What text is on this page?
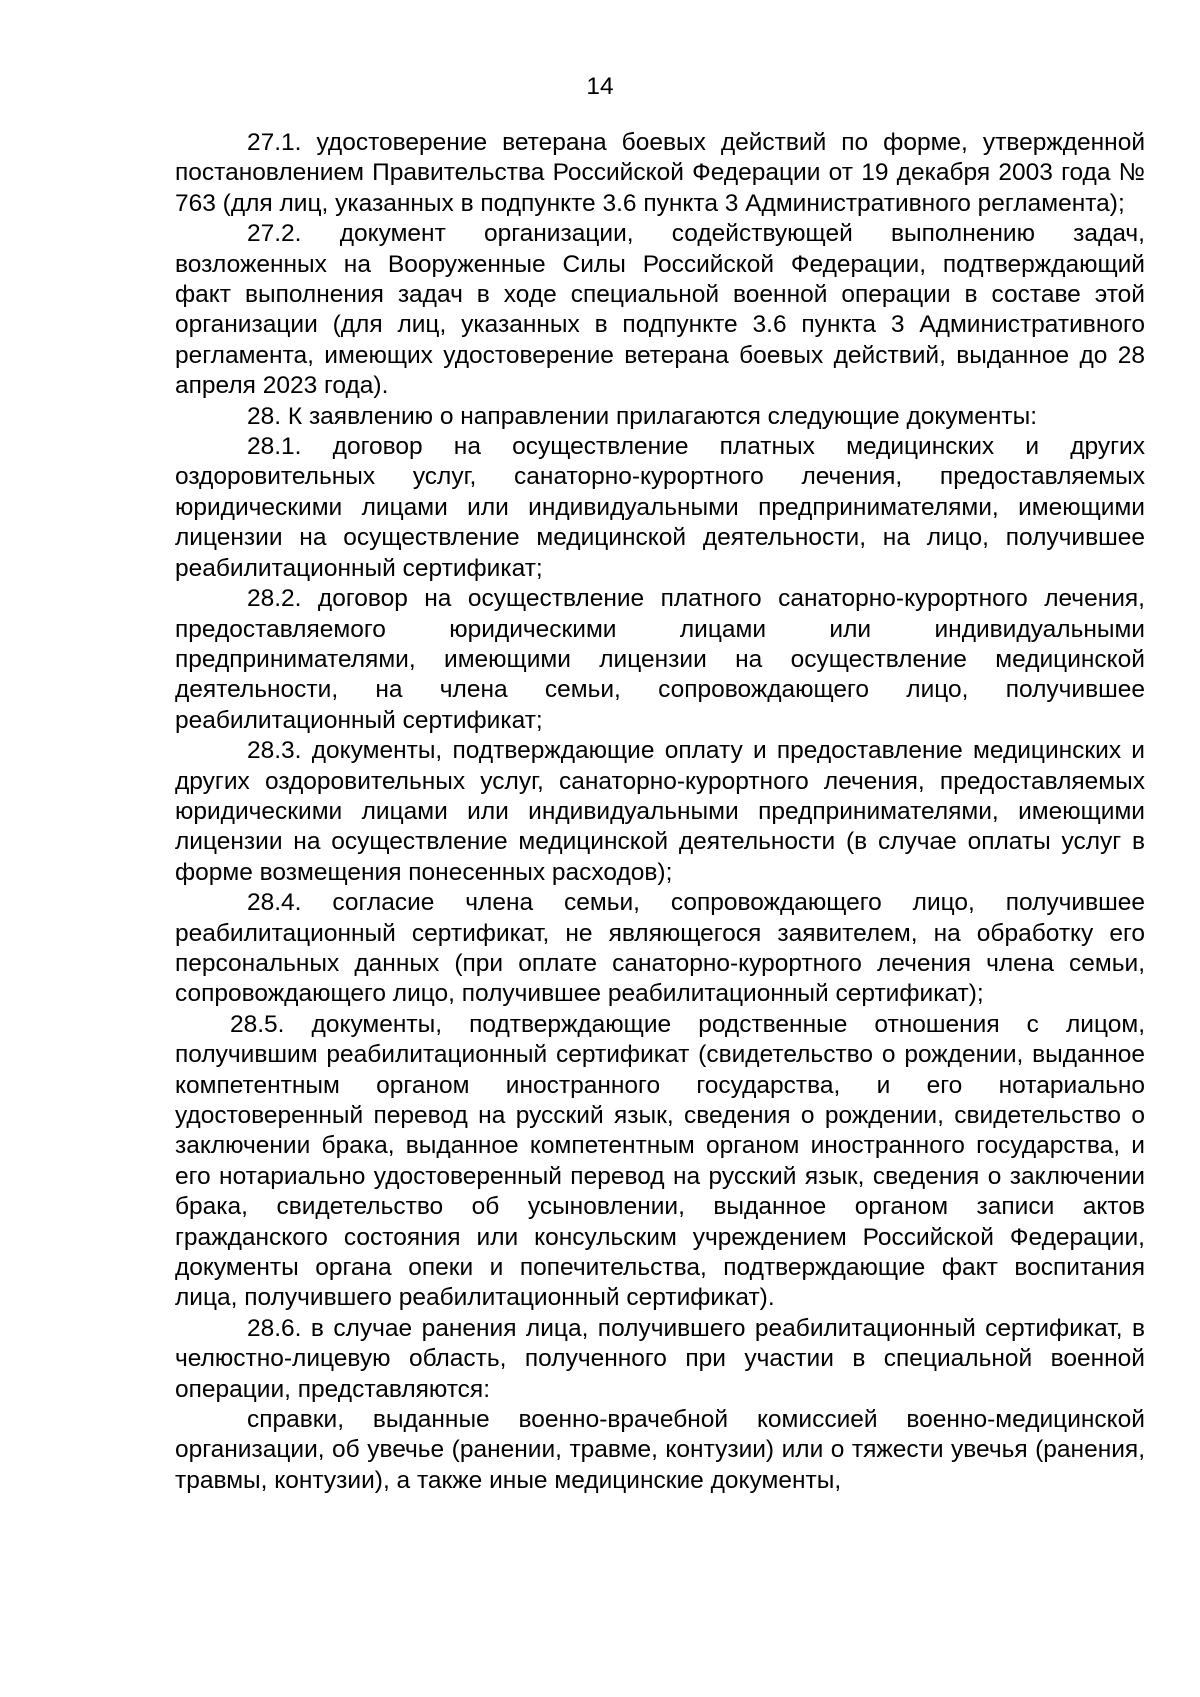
14

27.1. удостоверение ветерана боевых действий по форме, утвержденной постановлением Правительства Российской Федерации от 19 декабря 2003 года № 763 (для лиц, указанных в подпункте 3.6 пункта 3 Административного регламента);

27.2. документ организации, содействующей выполнению задач, возложенных на Вооруженные Силы Российской Федерации, подтверждающий факт выполнения задач в ходе специальной военной операции в составе этой организации (для лиц, указанных в подпункте 3.6 пункта 3 Административного регламента, имеющих удостоверение ветерана боевых действий, выданное до 28 апреля 2023 года).

28. К заявлению о направлении прилагаются следующие документы:

28.1. договор на осуществление платных медицинских и других оздоровительных услуг, санаторно-курортного лечения, предоставляемых юридическими лицами или индивидуальными предпринимателями, имеющими лицензии на осуществление медицинской деятельности, на лицо, получившее реабилитационный сертификат;

28.2. договор на осуществление платного санаторно-курортного лечения, предоставляемого юридическими лицами или индивидуальными предпринимателями, имеющими лицензии на осуществление медицинской деятельности, на члена семьи, сопровождающего лицо, получившее реабилитационный сертификат;

28.3. документы, подтверждающие оплату и предоставление медицинских и других оздоровительных услуг, санаторно-курортного лечения, предоставляемых юридическими лицами или индивидуальными предпринимателями, имеющими лицензии на осуществление медицинской деятельности (в случае оплаты услуг в форме возмещения понесенных расходов);

28.4. согласие члена семьи, сопровождающего лицо, получившее реабилитационный сертификат, не являющегося заявителем, на обработку его персональных данных (при оплате санаторно-курортного лечения члена семьи, сопровождающего лицо, получившее реабилитационный сертификат);

28.5. документы, подтверждающие родственные отношения с лицом, получившим реабилитационный сертификат (свидетельство о рождении, выданное компетентным органом иностранного государства, и его нотариально удостоверенный перевод на русский язык, сведения о рождении, свидетельство о заключении брака, выданное компетентным органом иностранного государства, и его нотариально удостоверенный перевод на русский язык, сведения о заключении брака, свидетельство об усыновлении, выданное органом записи актов гражданского состояния или консульским учреждением Российской Федерации, документы органа опеки и попечительства, подтверждающие факт воспитания лица, получившего реабилитационный сертификат).

28.6. в случае ранения лица, получившего реабилитационный сертификат, в челюстно-лицевую область, полученного при участии в специальной военной операции, представляются:

справки, выданные военно-врачебной комиссией военно-медицинской организации, об увечье (ранении, травме, контузии) или о тяжести увечья (ранения, травмы, контузии), а также иные медицинские документы,
